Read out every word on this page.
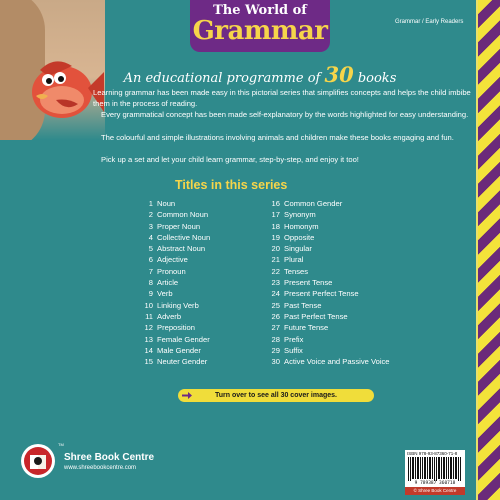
The World of
Grammar	Grammar / Early Readers
An educational programme of 30 books

Learning grammar has been made easy in this pictorial series that simplifies concepts and helps the child imbibe them in the process of reading.

Every grammatical concept has been made self-explanatory by the words highlighted for easy understanding.

The colourful and simple illustrations involving animals and children make these books engaging and fun.

Pick up a set and let your child learn grammar, step-by-step, and enjoy it too!

Titles in this series
1 Noun
2 Common Noun
3 Proper Noun
4 Collective Noun
5 Abstract Noun
6 Adjective
7 Pronoun
8 Article
9 Verb
10 Linking Verb
11 Adverb
12 Preposition
13 Female Gender
14 Male Gender
15 Neuter Gender
16 Common Gender
17 Synonym
18 Homonym
19 Opposite
20 Singular
21 Plural
22 Tenses
23 Present Tense
24 Present Perfect Tense
25 Past Tense
26 Past Perfect Tense
27 Future Tense
28 Prefix
29 Suffix
30 Active Voice and Passive Voice
Turn over to see all 30 cover images.
TM
Shree Book Centre
www.shreebookcentre.com
ISBN 978-93-87360-71-8
9 789387 360718
© Shree Book Centre
